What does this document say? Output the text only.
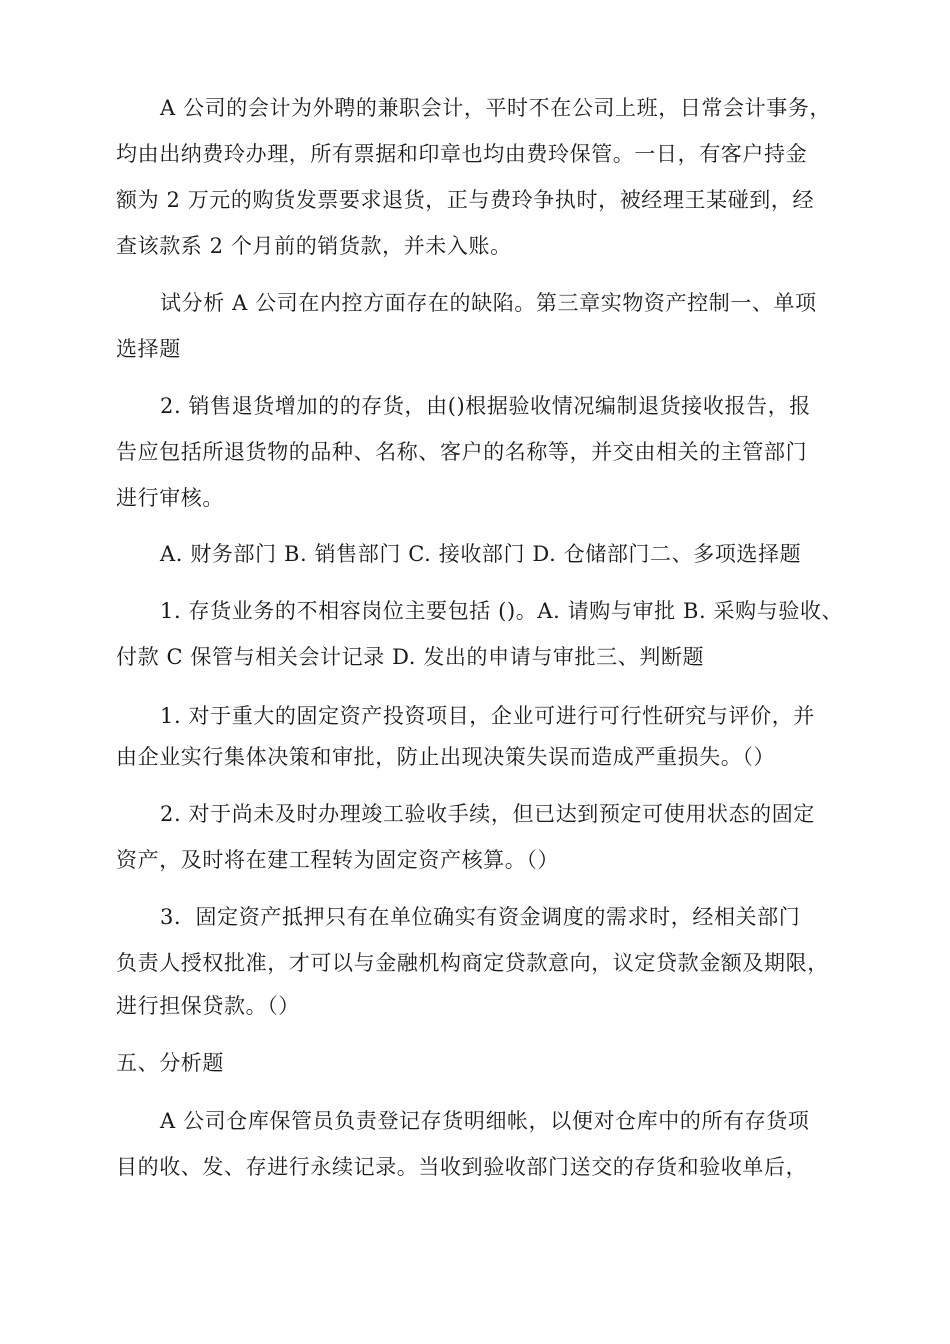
A 公司的会计为外聘的兼职会计，平时不在公司上班，日常会计事务，
均由出纳费玲办理，所有票据和印章也均由费玲保管。一日，有客户持金
额为 2 万元的购货发票要求退货，正与费玲争执时，被经理王某碰到，经
查该款系 2 个月前的销货款，并未入账。
试分析 A 公司在内控方面存在的缺陷。第三章实物资产控制一、单项
选择题
2. 销售退货增加的的存货，由()根据验收情况编制退货接收报告，报
告应包括所退货物的品种、名称、客户的名称等，并交由相关的主管部门
进行审核。
A. 财务部门 B. 销售部门 C. 接收部门 D. 仓储部门二、多项选择题
1. 存货业务的不相容岗位主要包括 ()。A. 请购与审批 B. 采购与验收、
付款 C 保管与相关会计记录 D. 发出的申请与审批三、判断题
1. 对于重大的固定资产投资项目，企业可进行可行性研究与评价，并
由企业实行集体决策和审批，防止出现决策失误而造成严重损失。（）
2. 对于尚未及时办理竣工验收手续，但已达到预定可使用状态的固定
资产，及时将在建工程转为固定资产核算。（）
3．固定资产抵押只有在单位确实有资金调度的需求时，经相关部门
负责人授权批准，才可以与金融机构商定贷款意向，议定贷款金额及期限，
进行担保贷款。（）
五、分析题
A 公司仓库保管员负责登记存货明细帐，以便对仓库中的所有存货项
目的收、发、存进行永续记录。当收到验收部门送交的存货和验收单后，
